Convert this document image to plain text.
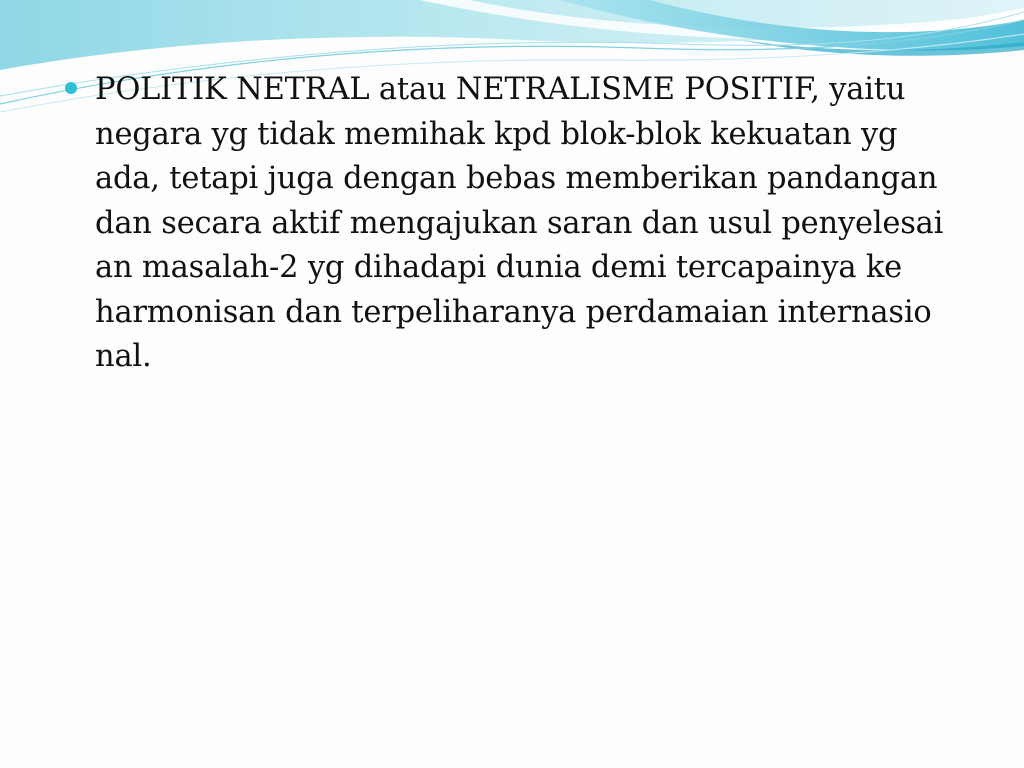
POLITIK NETRAL atau NETRALISME POSITIF, yaitu
negara yg tidak memihak kpd blok-blok kekuatan yg
ada, tetapi juga dengan bebas memberikan pandangan
dan secara aktif mengajukan saran dan usul penyelesai
an masalah-2 yg dihadapi dunia demi tercapainya ke
harmonisan dan terpeliharanya perdamaian internasio
nal.
